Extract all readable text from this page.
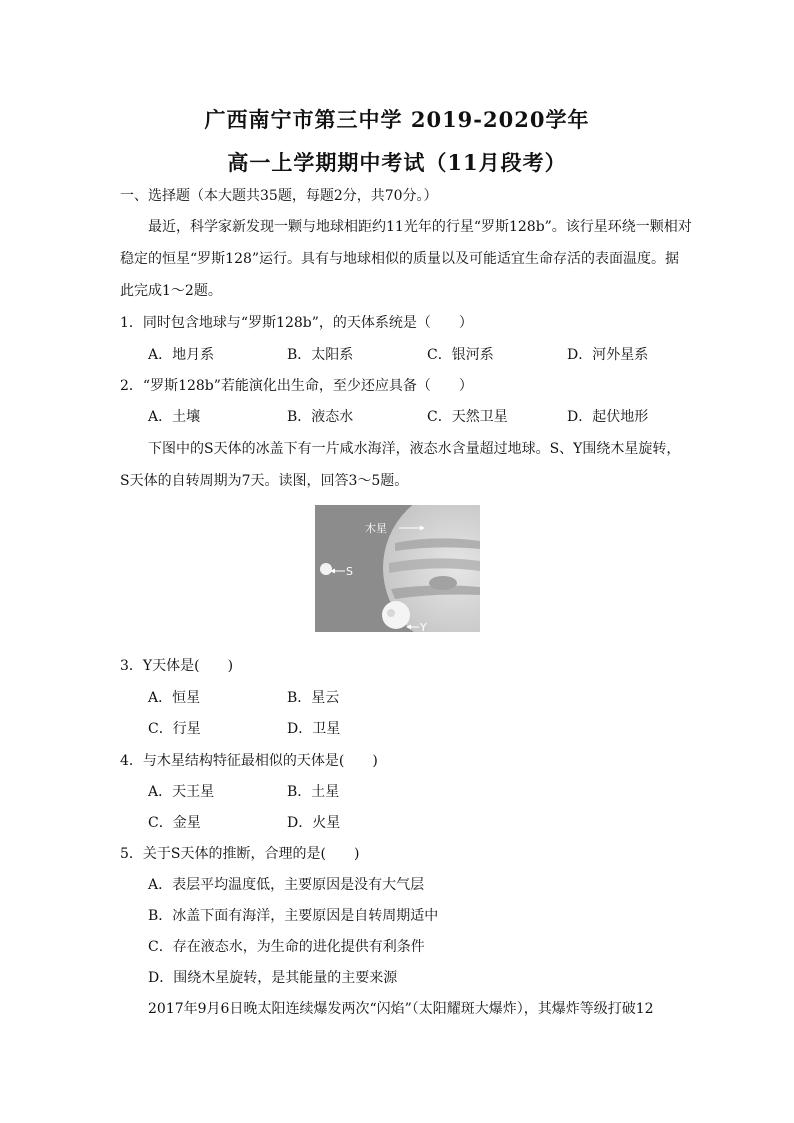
广西南宁市第三中学 2019-2020学年
高一上学期期中考试（11月段考）
一、选择题（本大题共35题，每题2分，共70分。）
最近，科学家新发现一颗与地球相距约11光年的行星“罗斯128b”。该行星环绕一颗相对
稳定的恒星“罗斯128”运行。具有与地球相似的质量以及可能适宜生命存活的表面温度。据
此完成1～2题。
1．同时包含地球与“罗斯128b”，的天体系统是（　　）
A．地月系	B．太阳系	C．银河系	D．河外星系
2．“罗斯128b”若能演化出生命，至少还应具备（　　）
A．土壤	B．液态水	C．天然卫星	D．起伏地形
下图中的S天体的冰盖下有一片咸水海洋，液态水含量超过地球。S、Y围绕木星旋转，
S天体的自转周期为7天。读图，回答3～5题。
木星
S
Y
3．Y天体是(　　)
A．恒星	B．星云
C．行星	D．卫星
4．与木星结构特征最相似的天体是(　　)
A．天王星	B．土星
C．金星	D．火星
5．关于S天体的推断，合理的是(　　)
A．表层平均温度低，主要原因是没有大气层
B．冰盖下面有海洋，主要原因是自转周期适中
C．存在液态水，为生命的进化提供有利条件
D．围绕木星旋转，是其能量的主要来源
2017年9月6日晚太阳连续爆发两次“闪焰”（太阳耀斑大爆炸），其爆炸等级打破12
